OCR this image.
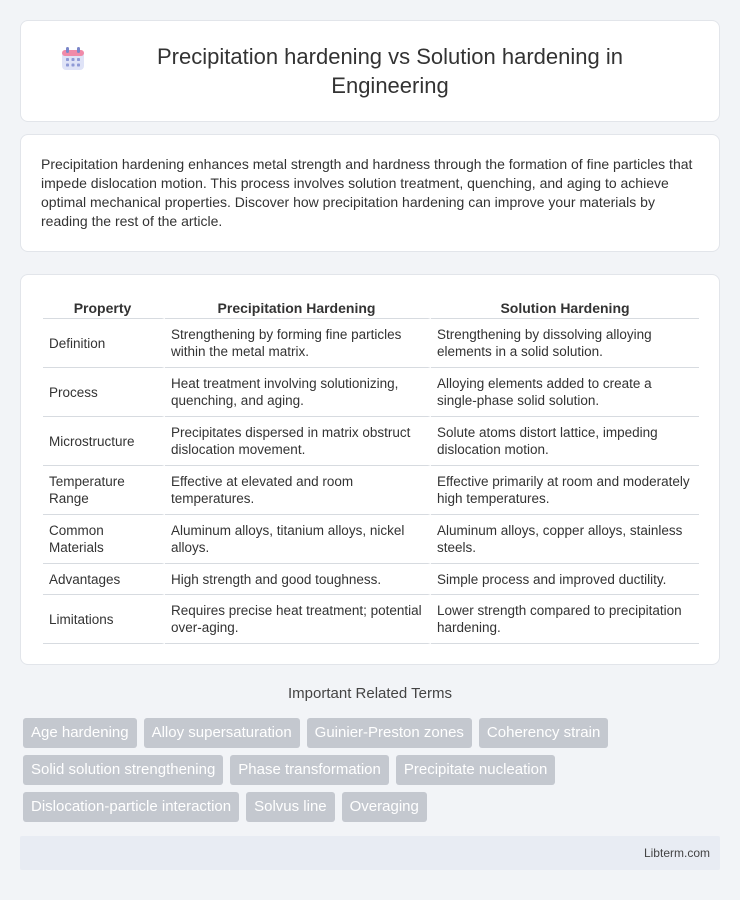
Precipitation hardening vs Solution hardening in Engineering

Precipitation hardening enhances metal strength and hardness through the formation of fine particles that impede dislocation motion. This process involves solution treatment, quenching, and aging to achieve optimal mechanical properties. Discover how precipitation hardening can improve your materials by reading the rest of the article.

Property	Precipitation Hardening	Solution Hardening
Definition	Strengthening by forming fine particles within the metal matrix.	Strengthening by dissolving alloying elements in a solid solution.
Process	Heat treatment involving solutionizing, quenching, and aging.	Alloying elements added to create a single-phase solid solution.
Microstructure	Precipitates dispersed in matrix obstruct dislocation movement.	Solute atoms distort lattice, impeding dislocation motion.
Temperature Range	Effective at elevated and room temperatures.	Effective primarily at room and moderately high temperatures.
Common Materials	Aluminum alloys, titanium alloys, nickel alloys.	Aluminum alloys, copper alloys, stainless steels.
Advantages	High strength and good toughness.	Simple process and improved ductility.
Limitations	Requires precise heat treatment; potential over-aging.	Lower strength compared to precipitation hardening.
Important Related Terms
Age hardening	Alloy supersaturation	Guinier-Preston zones	Coherency strain
Solid solution strengthening	Phase transformation	Precipitate nucleation
Dislocation-particle interaction	Solvus line	Overaging
Libterm.com
